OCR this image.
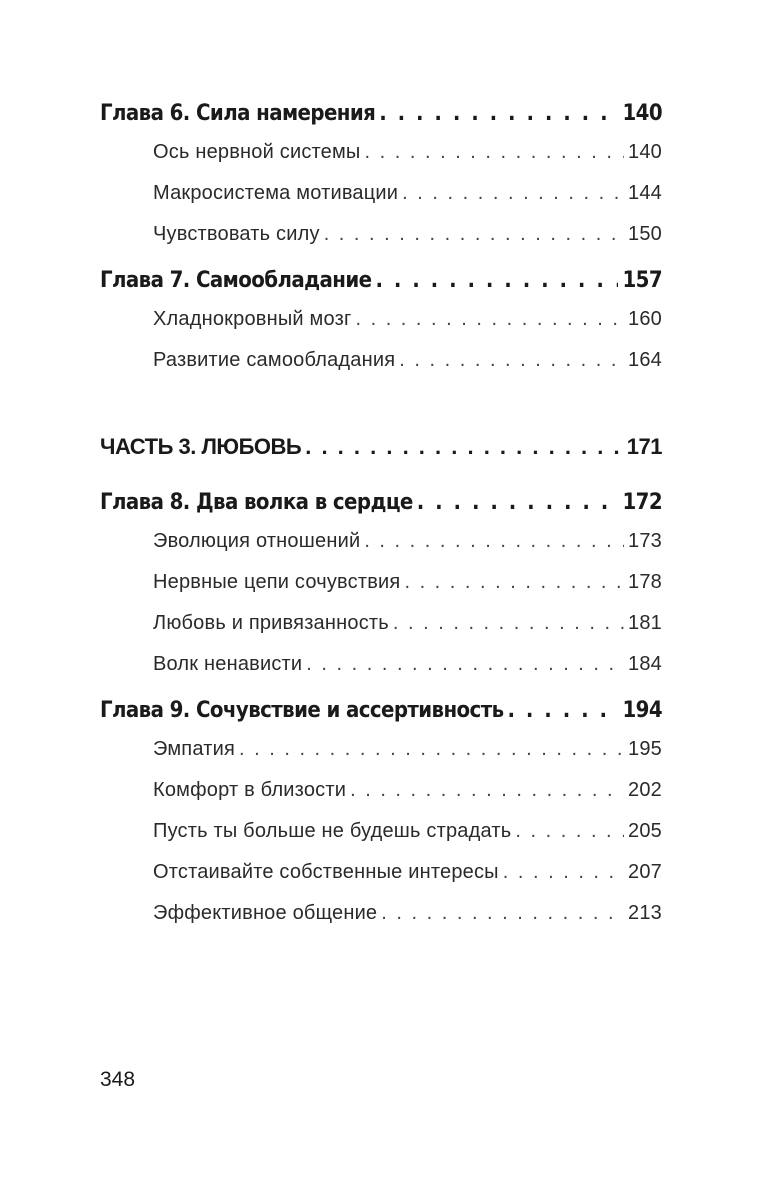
Глава 6. Сила намерения . . .	140
Ось нервной системы . . .	140
Макросистема мотивации . . .	144
Чувствовать силу . . .	150
Глава 7. Самообладание . . .	157
Хладнокровный мозг . . .	160
Развитие самообладания . . .	164
ЧАСТЬ 3. ЛЮБОВЬ . . .	171
Глава 8. Два волка в сердце . . .	172
Эволюция отношений . . .	173
Нервные цепи сочувствия . . .	178
Любовь и привязанность . . .	181
Волк ненависти . . .	184
Глава 9. Сочувствие и ассертивность . . .	194
Эмпатия . . .	195
Комфорт в близости . . .	202
Пусть ты больше не будешь страдать . . .	205
Отстаивайте собственные интересы . . .	207
Эффективное общение . . .	213
348
